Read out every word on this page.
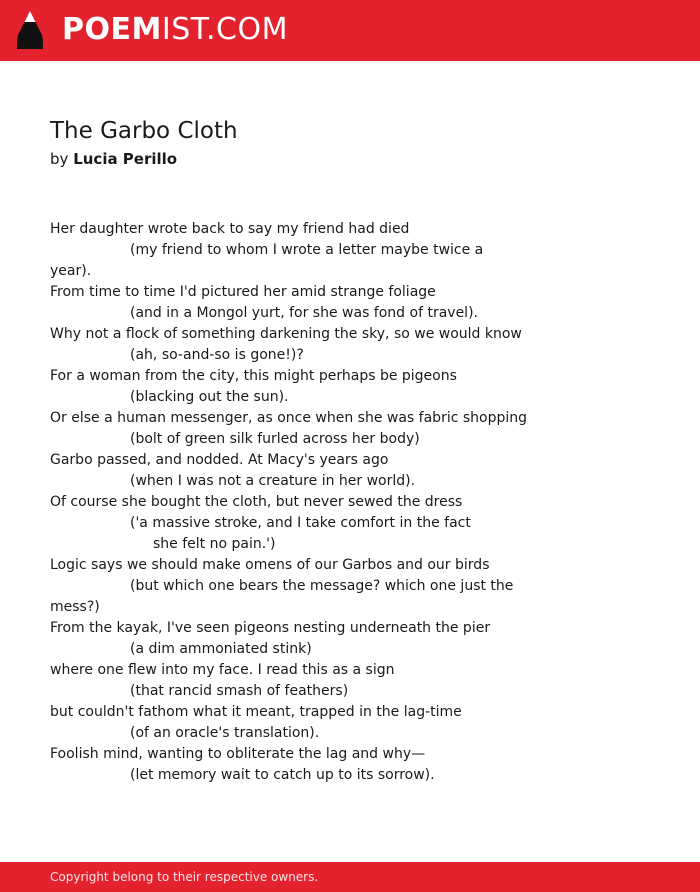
POEMIST.COM
The Garbo Cloth
by Lucia Perillo
Her daughter wrote back to say my friend had died
(my friend to whom I wrote a letter maybe twice a
year).
From time to time I'd pictured her amid strange foliage
(and in a Mongol yurt, for she was fond of travel).
Why not a flock of something darkening the sky, so we would know
(ah, so-and-so is gone!)?
For a woman from the city, this might perhaps be pigeons
(blacking out the sun).
Or else a human messenger, as once when she was fabric shopping
(bolt of green silk furled across her body)
Garbo passed, and nodded. At Macy's years ago
(when I was not a creature in her world).
Of course she bought the cloth, but never sewed the dress
('a massive stroke, and I take comfort in the fact
she felt no pain.')
Logic says we should make omens of our Garbos and our birds
(but which one bears the message? which one just the
mess?)
From the kayak, I've seen pigeons nesting underneath the pier
(a dim ammoniated stink)
where one flew into my face. I read this as a sign
(that rancid smash of feathers)
but couldn't fathom what it meant, trapped in the lag-time
(of an oracle's translation).
Foolish mind, wanting to obliterate the lag and why—
(let memory wait to catch up to its sorrow).
Copyright belong to their respective owners.
